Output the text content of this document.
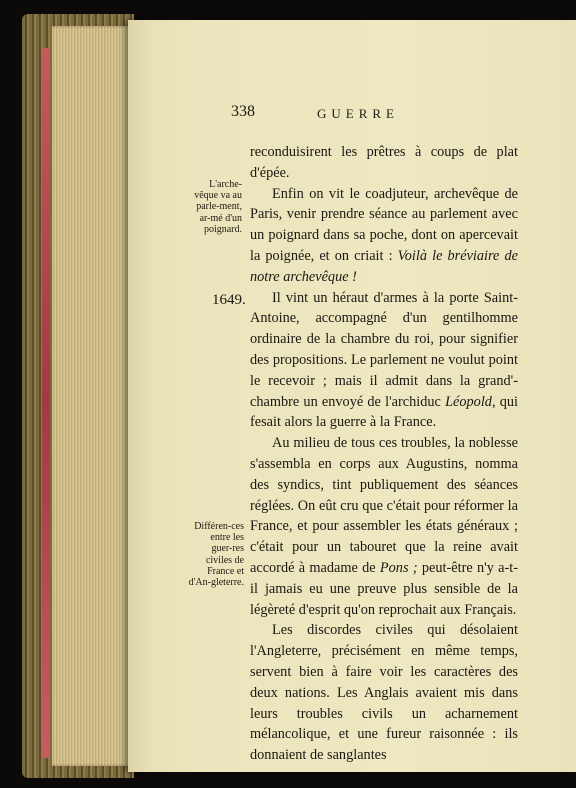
338	GUERRE
L'arche-vêque va au parle-ment, ar-mé d'un poignard.
1649.
Différen-ces entre les guer-res civiles de France et d'An-gleterre.

reconduisirent les prêtres à coups de plat d'épée.

Enfin on vit le coadjuteur, archevêque de Paris, venir prendre séance au parlement avec un poignard dans sa poche, dont on apercevait la poignée, et on criait : Voilà le bréviaire de notre archevêque !

Il vint un héraut d'armes à la porte Saint-Antoine, accompagné d'un gentilhomme ordinaire de la chambre du roi, pour signifier des propositions. Le parlement ne voulut point le recevoir ; mais il admit dans la grand'-chambre un envoyé de l'archiduc Léopold, qui fesait alors la guerre à la France.

Au milieu de tous ces troubles, la noblesse s'assembla en corps aux Augustins, nomma des syndics, tint publiquement des séances réglées. On eût cru que c'était pour réformer la France, et pour assembler les états généraux ; c'était pour un tabouret que la reine avait accordé à madame de Pons ; peut-être n'y a-t-il jamais eu une preuve plus sensible de la légèreté d'esprit qu'on reprochait aux Français.

Les discordes civiles qui désolaient l'Angleterre, précisément en même temps, servent bien à faire voir les caractères des deux nations. Les Anglais avaient mis dans leurs troubles civils un acharnement mélancolique, et une fureur raisonnée : ils donnaient de sanglantes
